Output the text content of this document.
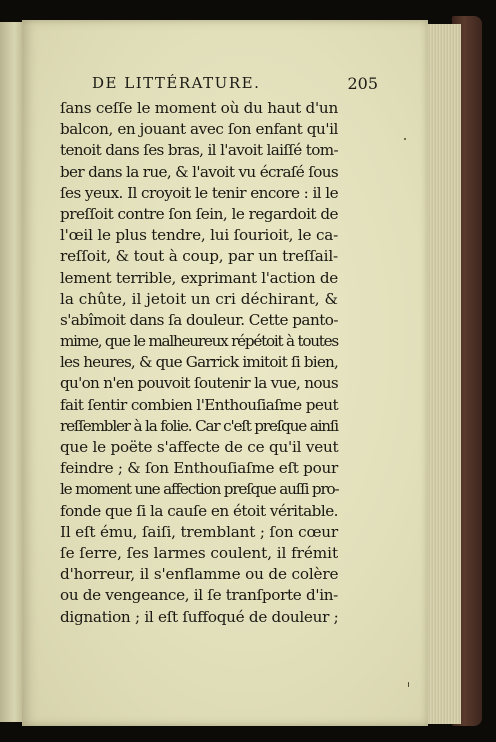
DE LITTÉRATURE.	205
ſans ceſſe le moment où du haut d'un
balcon, en jouant avec ſon enfant qu'il
tenoit dans ſes bras, il l'avoit laiſſé tom-
ber dans la rue, & l'avoit vu écraſé ſous
ſes yeux. Il croyoit le tenir encore : il le
preſſoit contre ſon ſein, le regardoit de
l'œil le plus tendre, lui ſourioit, le ca-
reſſoit, & tout à coup, par un treſſail-
lement terrible, exprimant l'action de
la chûte, il jetoit un cri déchirant, &
s'abîmoit dans ſa douleur. Cette panto-
mime, que le malheureux répétoit à toutes
les heures, & que Garrick imitoit ſi bien,
qu'on n'en pouvoit ſoutenir la vue, nous
fait ſentir combien l'Enthouſiaſme peut
reſſembler à la folie. Car c'eſt preſque ainſi
que le poëte s'affecte de ce qu'il veut
feindre ; & ſon Enthouſiaſme eſt pour
le moment une affection preſque auſſi pro-
fonde que ſi la cauſe en étoit véritable.
Il eſt ému, ſaiſi, tremblant ; ſon cœur
ſe ſerre, ſes larmes coulent, il frémit
d'horreur, il s'enflamme ou de colère
ou de vengeance, il ſe tranſporte d'in-
dignation ; il eſt ſuffoqué de douleur ;
